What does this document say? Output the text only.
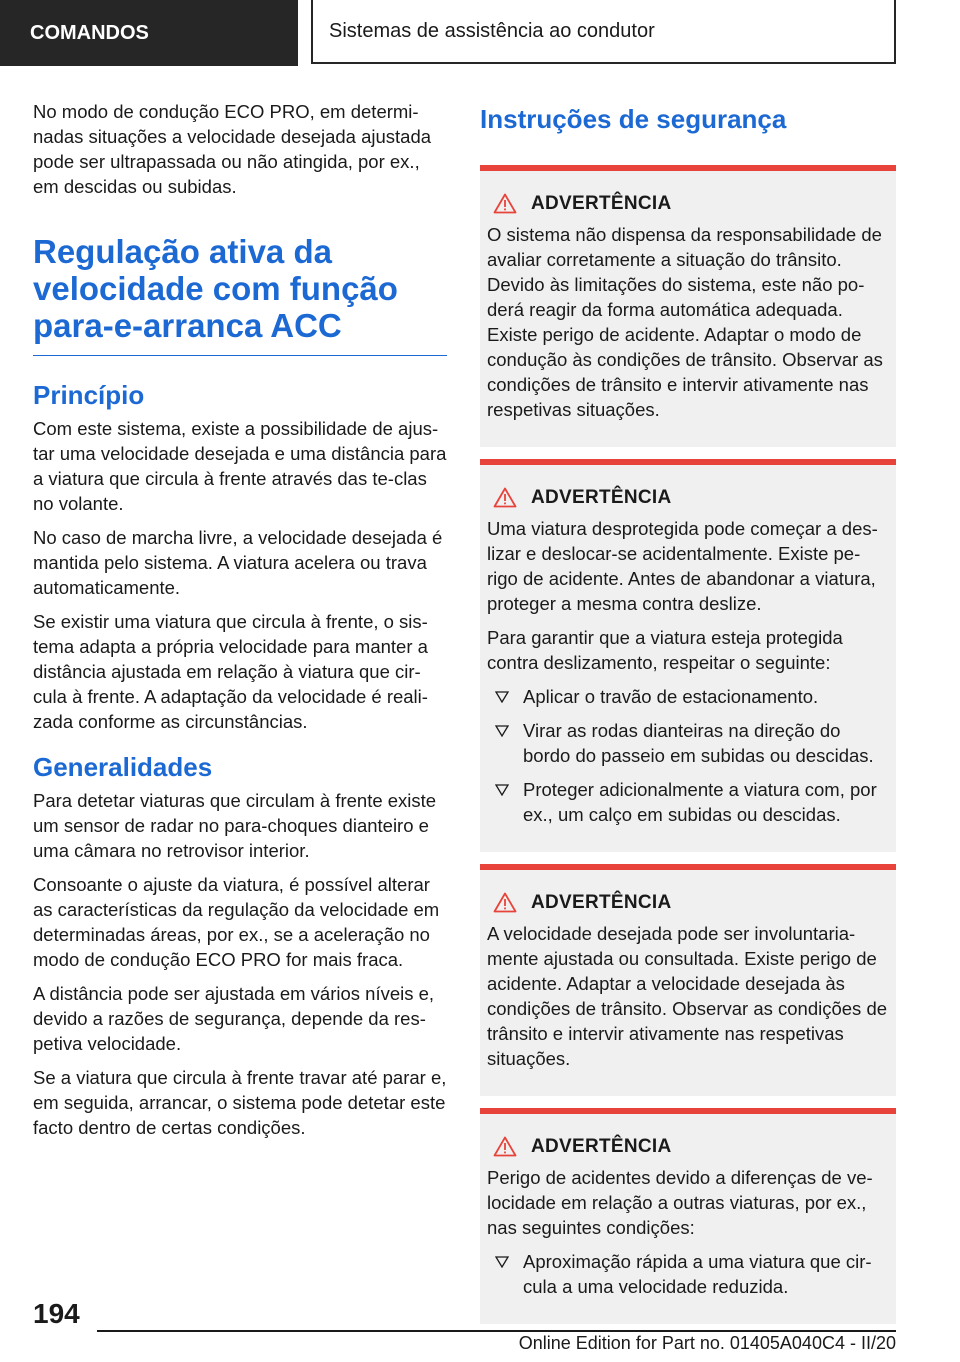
COMANDOS	Sistemas de assistência ao condutor

No modo de condução ECO PRO, em determi-nadas situações a velocidade desejada ajustada pode ser ultrapassada ou não atingida, por ex., em descidas ou subidas.

Regulação ativa da velocidade com função para-e-arranca ACC
Princípio

Com este sistema, existe a possibilidade de ajus-tar uma velocidade desejada e uma distância para a viatura que circula à frente através das te-clas no volante.

No caso de marcha livre, a velocidade desejada é mantida pelo sistema. A viatura acelera ou trava automaticamente.

Se existir uma viatura que circula à frente, o sis-tema adapta a própria velocidade para manter a distância ajustada em relação à viatura que cir-cula à frente. A adaptação da velocidade é reali-zada conforme as circunstâncias.

Generalidades

Para detetar viaturas que circulam à frente existe um sensor de radar no para-choques dianteiro e uma câmara no retrovisor interior.

Consoante o ajuste da viatura, é possível alterar as características da regulação da velocidade em determinadas áreas, por ex., se a aceleração no modo de condução ECO PRO for mais fraca.

A distância pode ser ajustada em vários níveis e, devido a razões de segurança, depende da res-petiva velocidade.

Se a viatura que circula à frente travar até parar e, em seguida, arrancar, o sistema pode detetar este facto dentro de certas condições.

Instruções de segurança
ADVERTÊNCIA

O sistema não dispensa da responsabilidade de avaliar corretamente a situação do trânsito. Devido às limitações do sistema, este não po-derá reagir da forma automática adequada. Existe perigo de acidente. Adaptar o modo de condução às condições de trânsito. Observar as condições de trânsito e intervir ativamente nas respetivas situações.

ADVERTÊNCIA

Uma viatura desprotegida pode começar a des-lizar e deslocar-se acidentalmente. Existe pe-rigo de acidente. Antes de abandonar a viatura, proteger a mesma contra deslize.

Para garantir que a viatura esteja protegida contra deslizamento, respeitar o seguinte:

Aplicar o travão de estacionamento.
Virar as rodas dianteiras na direção do bordo do passeio em subidas ou descidas.
Proteger adicionalmente a viatura com, por ex., um calço em subidas ou descidas.
ADVERTÊNCIA

A velocidade desejada pode ser involuntaria-mente ajustada ou consultada. Existe perigo de acidente. Adaptar a velocidade desejada às condições de trânsito. Observar as condições de trânsito e intervir ativamente nas respetivas situações.

ADVERTÊNCIA

Perigo de acidentes devido a diferenças de ve-locidade em relação a outras viaturas, por ex., nas seguintes condições:

Aproximação rápida a uma viatura que cir-cula a uma velocidade reduzida.
194
Online Edition for Part no. 01405A040C4 - II/20
